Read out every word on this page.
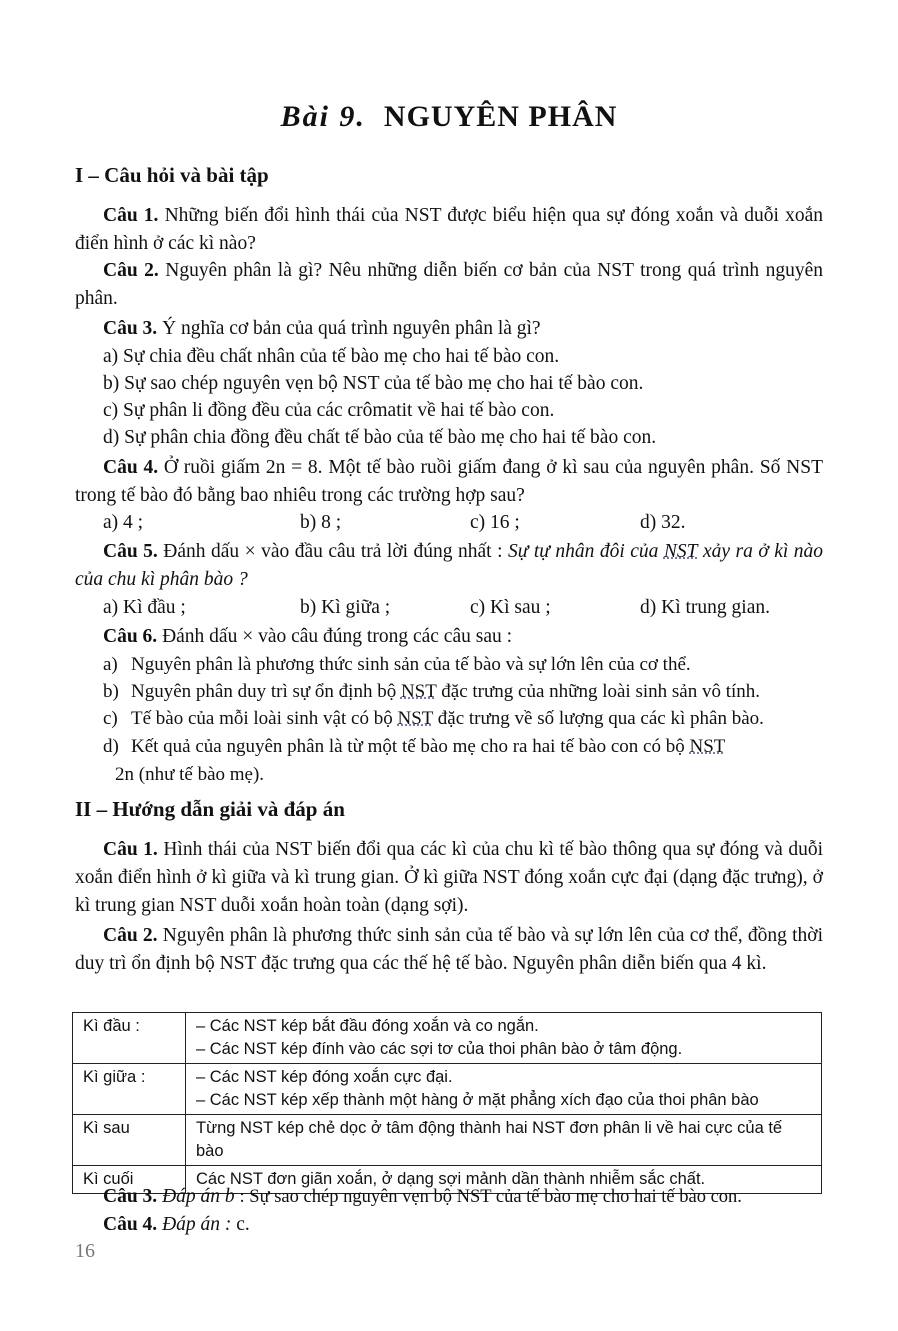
Bài 9. NGUYÊN PHÂN
I – Câu hỏi và bài tập

Câu 1. Những biến đổi hình thái của NST được biểu hiện qua sự đóng xoắn và duỗi xoắn điển hình ở các kì nào?

Câu 2. Nguyên phân là gì? Nêu những diễn biến cơ bản của NST trong quá trình nguyên phân.

Câu 3. Ý nghĩa cơ bản của quá trình nguyên phân là gì?

a) Sự chia đều chất nhân của tế bào mẹ cho hai tế bào con.
b) Sự sao chép nguyên vẹn bộ NST của tế bào mẹ cho hai tế bào con.
c) Sự phân li đồng đều của các crômatit về hai tế bào con.
d) Sự phân chia đồng đều chất tế bào của tế bào mẹ cho hai tế bào con.

Câu 4. Ở ruồi giấm 2n = 8. Một tế bào ruồi giấm đang ở kì sau của nguyên phân. Số NST trong tế bào đó bằng bao nhiêu trong các trường hợp sau?

a) 4 ;	b) 8 ;	c) 16 ;	d) 32.

Câu 5. Đánh dấu × vào đầu câu trả lời đúng nhất : Sự tự nhân đôi của NST xảy ra ở kì nào của chu kì phân bào ?

a) Kì đầu ;	b) Kì giữa ;	c) Kì sau ;	d) Kì trung gian.

Câu 6. Đánh dấu × vào câu đúng trong các câu sau :

a) Nguyên phân là phương thức sinh sản của tế bào và sự lớn lên của cơ thể.
b) Nguyên phân duy trì sự ổn định bộ NST đặc trưng của những loài sinh sản vô tính.
c) Tế bào của mỗi loài sinh vật có bộ NST đặc trưng về số lượng qua các kì phân bào.
d) Kết quả của nguyên phân là từ một tế bào mẹ cho ra hai tế bào con có bộ NST
2n (như tế bào mẹ).
II – Hướng dẫn giải và đáp án

Câu 1. Hình thái của NST biến đổi qua các kì của chu kì tế bào thông qua sự đóng và duỗi xoắn điển hình ở kì giữa và kì trung gian. Ở kì giữa NST đóng xoắn cực đại (dạng đặc trưng), ở kì trung gian NST duỗi xoắn hoàn toàn (dạng sợi).

Câu 2. Nguyên phân là phương thức sinh sản của tế bào và sự lớn lên của cơ thể, đồng thời duy trì ổn định bộ NST đặc trưng qua các thế hệ tế bào. Nguyên phân diễn biến qua 4 kì.

Kì đầu :	– Các NST kép bắt đầu đóng xoắn và co ngắn.
– Các NST kép đính vào các sợi tơ của thoi phân bào ở tâm động.

Kì giữa :	– Các NST kép đóng xoắn cực đại.
– Các NST kép xếp thành một hàng ở mặt phẳng xích đạo của thoi phân bào

Kì sau	Từng NST kép chẻ dọc ở tâm động thành hai NST đơn phân li về hai cực của tế bào

Kì cuối	Các NST đơn giãn xoắn, ở dạng sợi mảnh dần thành nhiễm sắc chất.
Câu 3. Đáp án b : Sự sao chép nguyên vẹn bộ NST của tế bào mẹ cho hai tế bào con.
Câu 4. Đáp án : c.
16
